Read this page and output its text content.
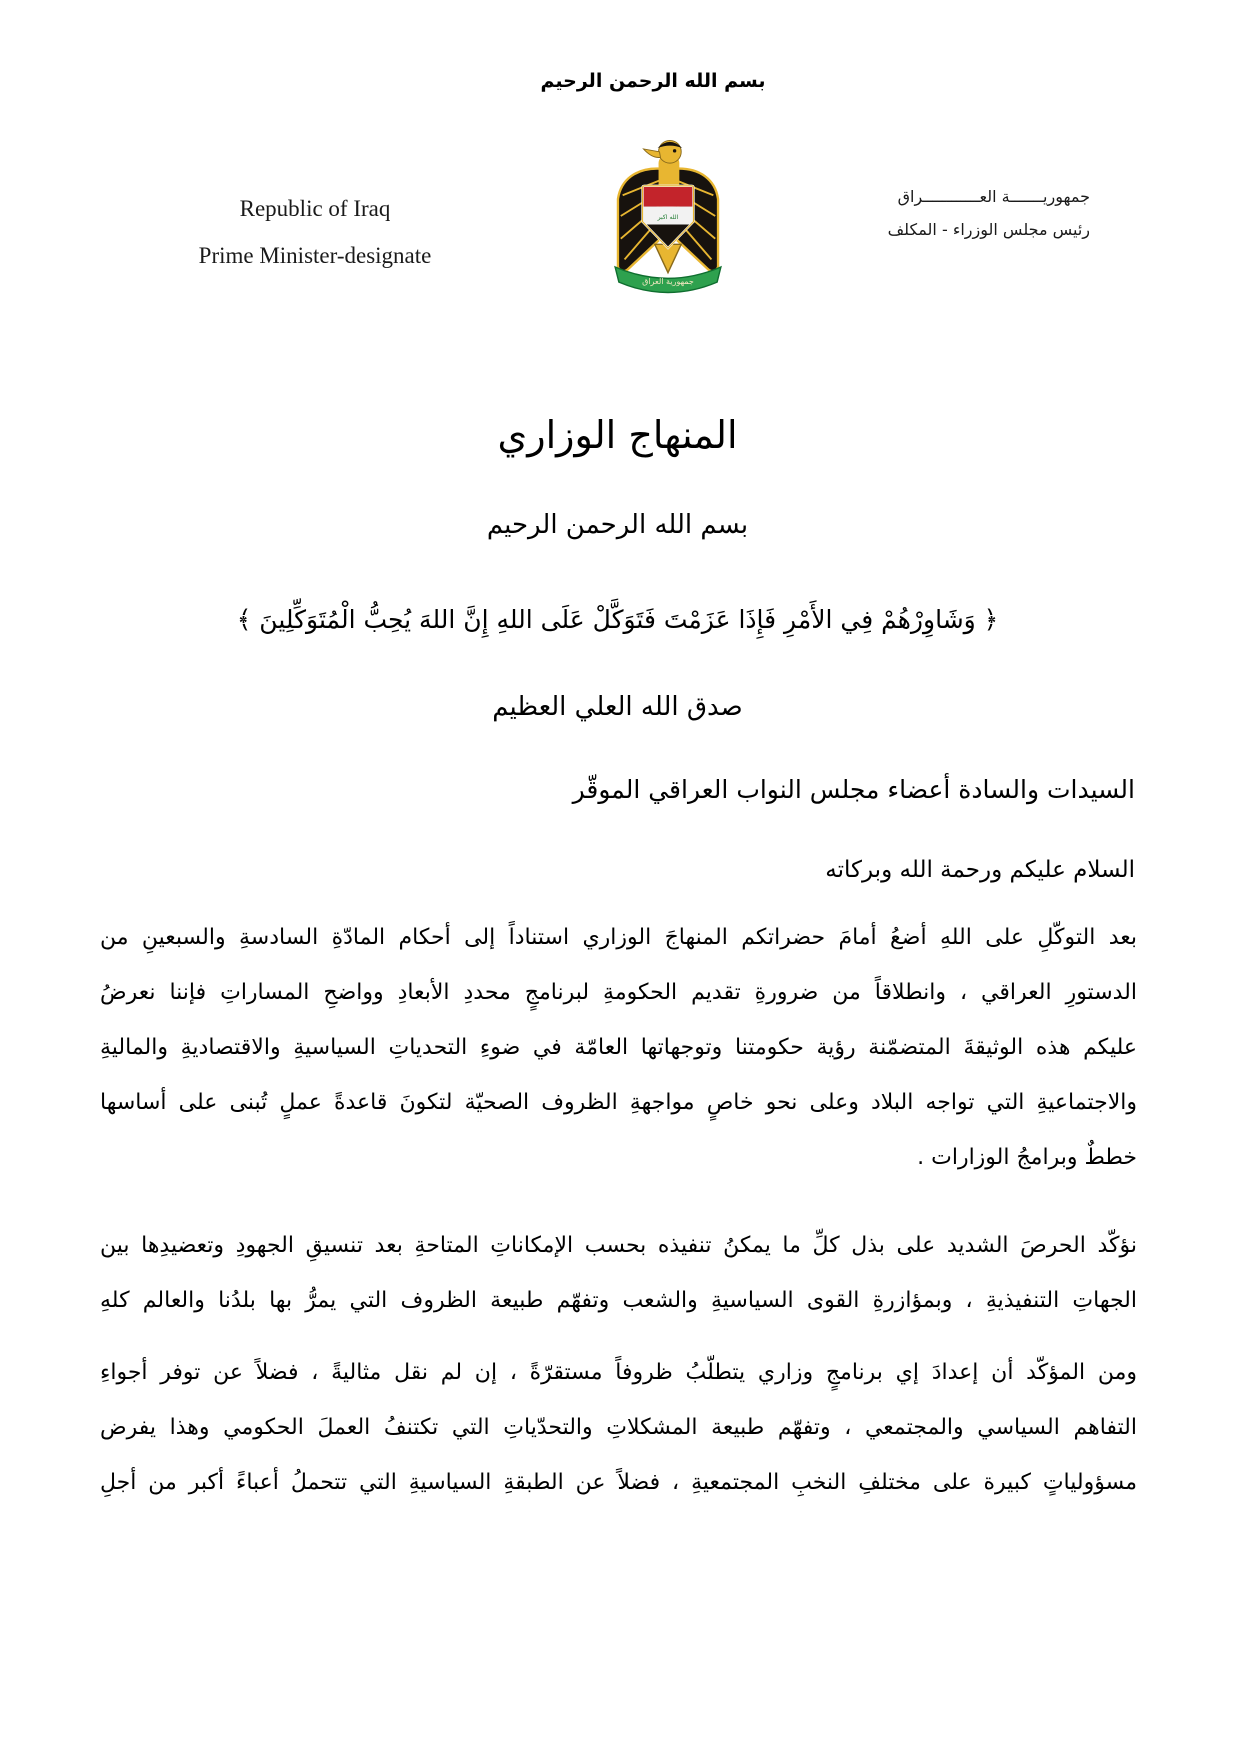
بسم الله الرحمن الرحيم
Republic of Iraq
Prime Minister-designate
الله اكبر
جمهورية العراق
جمهوريـــــــة العــــــــــــراق
رئيس مجلس الوزراء - المكلف
المنهاج الوزاري
بسم الله الرحمن الرحيم
﴿ وَشَاوِرْهُمْ فِي الأَمْرِ فَإِذَا عَزَمْتَ فَتَوَكَّلْ عَلَى اللهِ إِنَّ اللهَ يُحِبُّ الْمُتَوَكِّلِينَ ﴾
صدق الله العلي العظيم
السيدات والسادة أعضاء مجلس النواب العراقي الموقّر
السلام عليكم ورحمة الله وبركاته
بعد التوكّلِ على اللهِ أضعُ أمامَ حضراتكم المنهاجَ الوزاري استناداً إلى أحكام المادّةِ السادسةِ والسبعينِ من
الدستورِ العراقي ، وانطلاقاً من ضرورةِ تقديم الحكومةِ لبرنامجٍ محددِ الأبعادِ وواضحِ المساراتِ فإننا نعرضُ
عليكم هذه الوثيقةَ المتضمّنة رؤية حكومتنا وتوجهاتها العامّة في ضوءِ التحدياتِ السياسيةِ والاقتصاديةِ والماليةِ
والاجتماعيةِ التي تواجه البلاد وعلى نحو خاصٍ مواجهةِ الظروف الصحيّة لتكونَ قاعدةً عملٍ تُبنى على أساسها
خططٌ وبرامجُ الوزارات .
نؤكّد الحرصَ الشديد على بذل كلِّ ما يمكنُ تنفيذه بحسب الإمكاناتِ المتاحةِ بعد تنسيقِ الجهودِ وتعضيدِها بين
الجهاتِ التنفيذيةِ ، وبمؤازرةِ القوى السياسيةِ والشعب وتفهّم طبيعة الظروف التي يمرُّ بها بلدُنا والعالم كلهِ
ومن المؤكّد أن إعدادَ إي برنامجٍ وزاري يتطلّبُ ظروفاً مستقرّةً ، إن لم نقل مثاليةً ، فضلاً عن توفر أجواءِ
التفاهم السياسي والمجتمعي ، وتفهّم طبيعة المشكلاتِ والتحدّياتِ التي تكتنفُ العملَ الحكومي وهذا يفرض
مسؤولياتٍ كبيرة على مختلفِ النخبِ المجتمعيةِ ، فضلاً عن الطبقةِ السياسيةِ التي تتحملُ أعباءً أكبر من أجلِ
